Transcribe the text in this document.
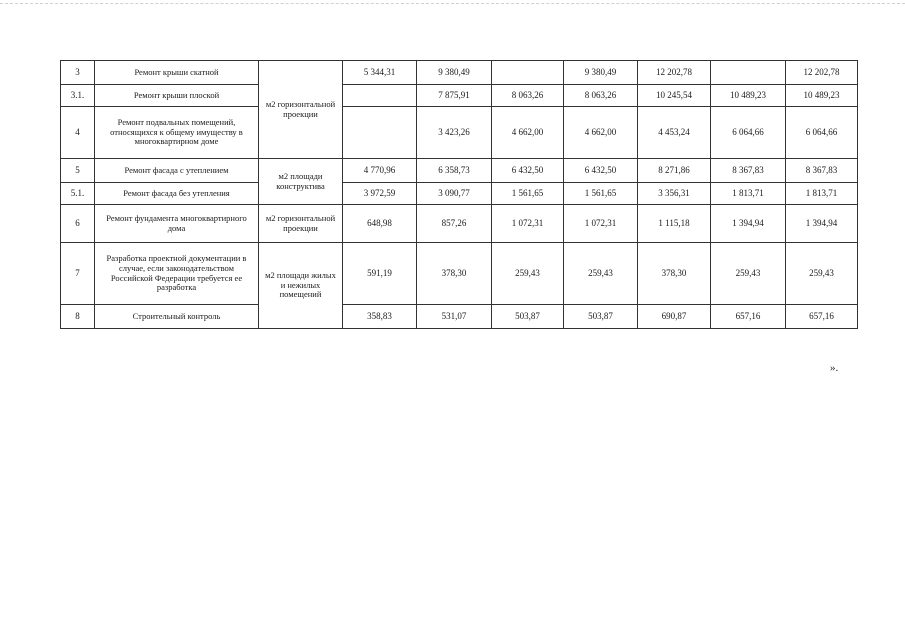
3	Ремонт крыши скатной	м2 горизонтальной проекции	5 344,31	9 380,49		9 380,49	12 202,78		12 202,78
3.1.	Ремонт крыши плоской			7 875,91	8 063,26	8 063,26	10 245,54	10 489,23	10 489,23
4	Ремонт подвальных помещений, относящихся к общему имуществу в многоквартирном доме			3 423,26	4 662,00	4 662,00	4 453,24	6 064,66	6 064,66
5	Ремонт фасада с утеплением	м2 площади конструктива	4 770,96	6 358,73	6 432,50	6 432,50	8 271,86	8 367,83	8 367,83
5.1.	Ремонт фасада без утепления		3 972,59	3 090,77	1 561,65	1 561,65	3 356,31	1 813,71	1 813,71
6	Ремонт фундамента многоквартирного дома	м2 горизонтальной проекции	648,98	857,26	1 072,31	1 072,31	1 115,18	1 394,94	1 394,94
7	Разработка проектной документации в случае, если законодательством Российской Федерации требуется ее разработка	м2 площади жилых и нежилых помещений	591,19	378,30	259,43	259,43	378,30	259,43	259,43
8	Строительный контроль		358,83	531,07	503,87	503,87	690,87	657,16	657,16
».
